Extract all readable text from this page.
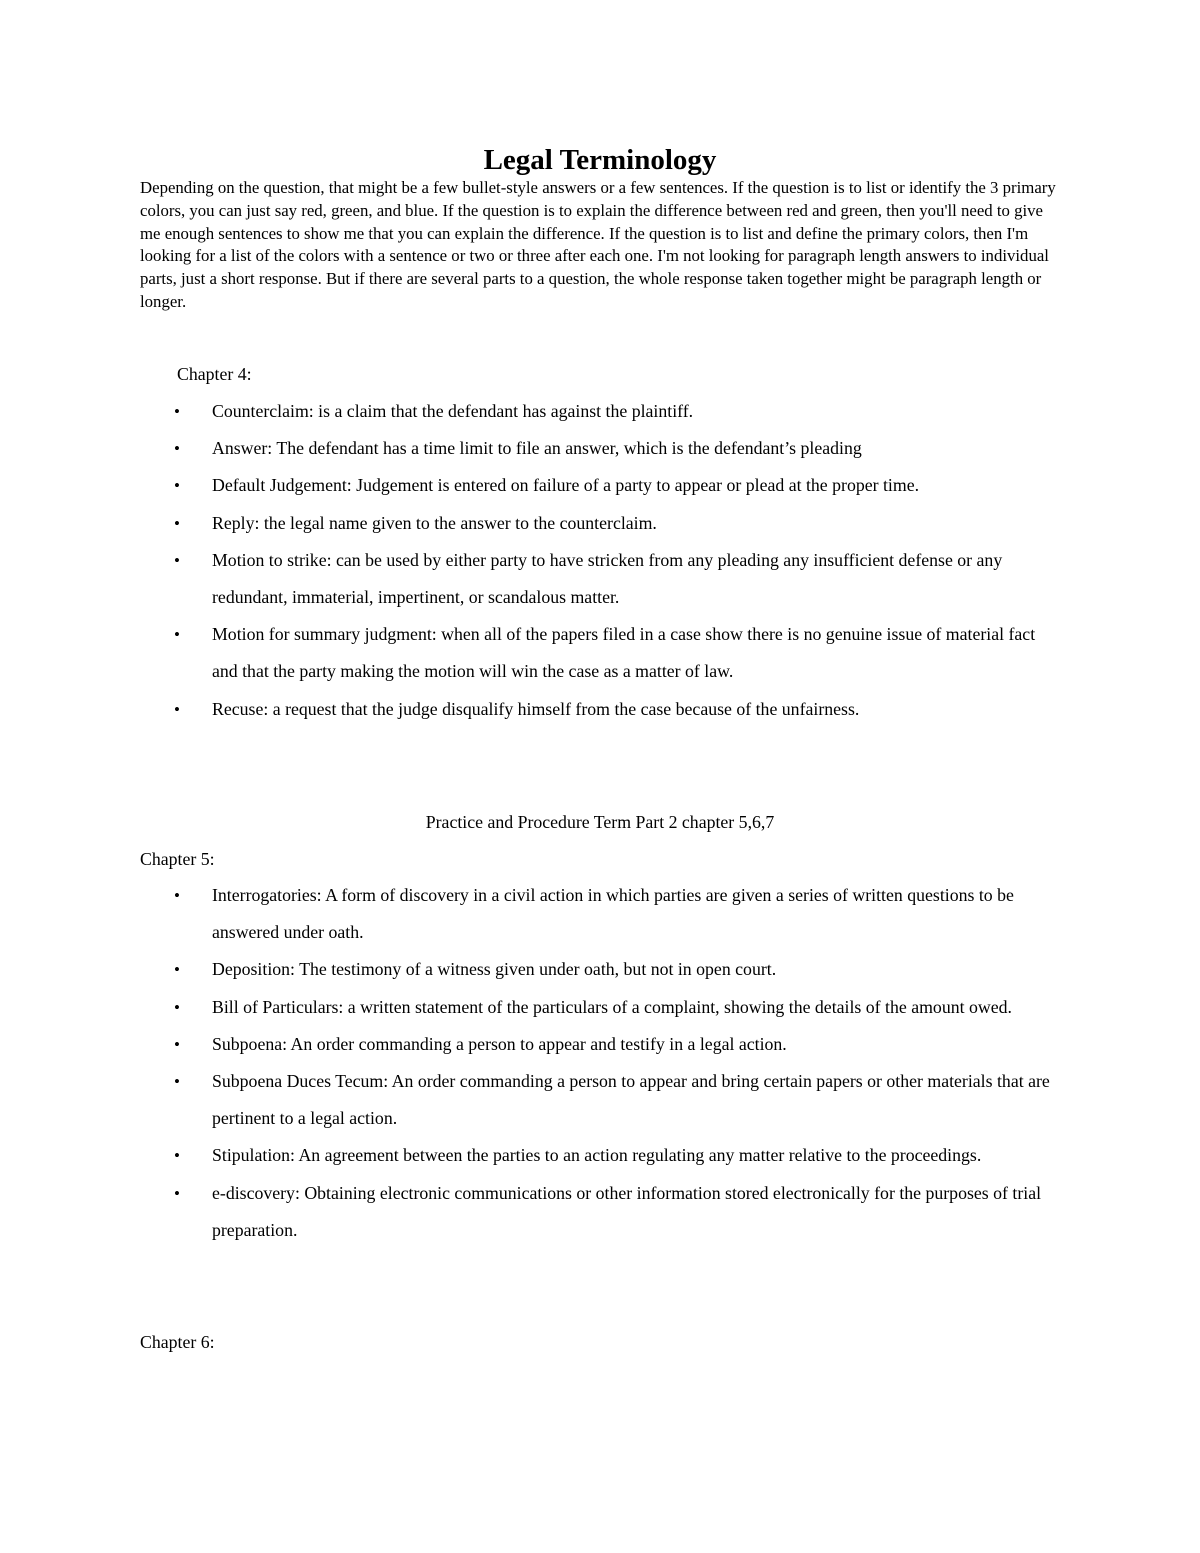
Legal Terminology

Depending on the question, that might be a few bullet-style answers or a few sentences. If the question is to list or identify the 3 primary colors, you can just say red, green, and blue. If the question is to explain the difference between red and green, then you'll need to give me enough sentences to show me that you can explain the difference. If the question is to list and define the primary colors, then I'm looking for a list of the colors with a sentence or two or three after each one. I'm not looking for paragraph length answers to individual parts, just a short response. But if there are several parts to a question, the whole response taken together might be paragraph length or longer.

Chapter 4:

• Counterclaim: is a claim that the defendant has against the plaintiff.
• Answer: The defendant has a time limit to file an answer, which is the defendant’s pleading
• Default Judgement: Judgement is entered on failure of a party to appear or plead at the proper time.
• Reply: the legal name given to the answer to the counterclaim.
• Motion to strike: can be used by either party to have stricken from any pleading any insufficient defense or any redundant, immaterial, impertinent, or scandalous matter.
• Motion for summary judgment: when all of the papers filed in a case show there is no genuine issue of material fact and that the party making the motion will win the case as a matter of law.
• Recuse: a request that the judge disqualify himself from the case because of the unfairness.

Practice and Procedure Term Part 2 chapter 5,6,7

Chapter 5:

• Interrogatories: A form of discovery in a civil action in which parties are given a series of written questions to be answered under oath.
• Deposition: The testimony of a witness given under oath, but not in open court.
• Bill of Particulars: a written statement of the particulars of a complaint, showing the details of the amount owed.
• Subpoena: An order commanding a person to appear and testify in a legal action.
• Subpoena Duces Tecum: An order commanding a person to appear and bring certain papers or other materials that are pertinent to a legal action.
• Stipulation: An agreement between the parties to an action regulating any matter relative to the proceedings.
• e-discovery: Obtaining electronic communications or other information stored electronically for the purposes of trial preparation.

Chapter 6:
